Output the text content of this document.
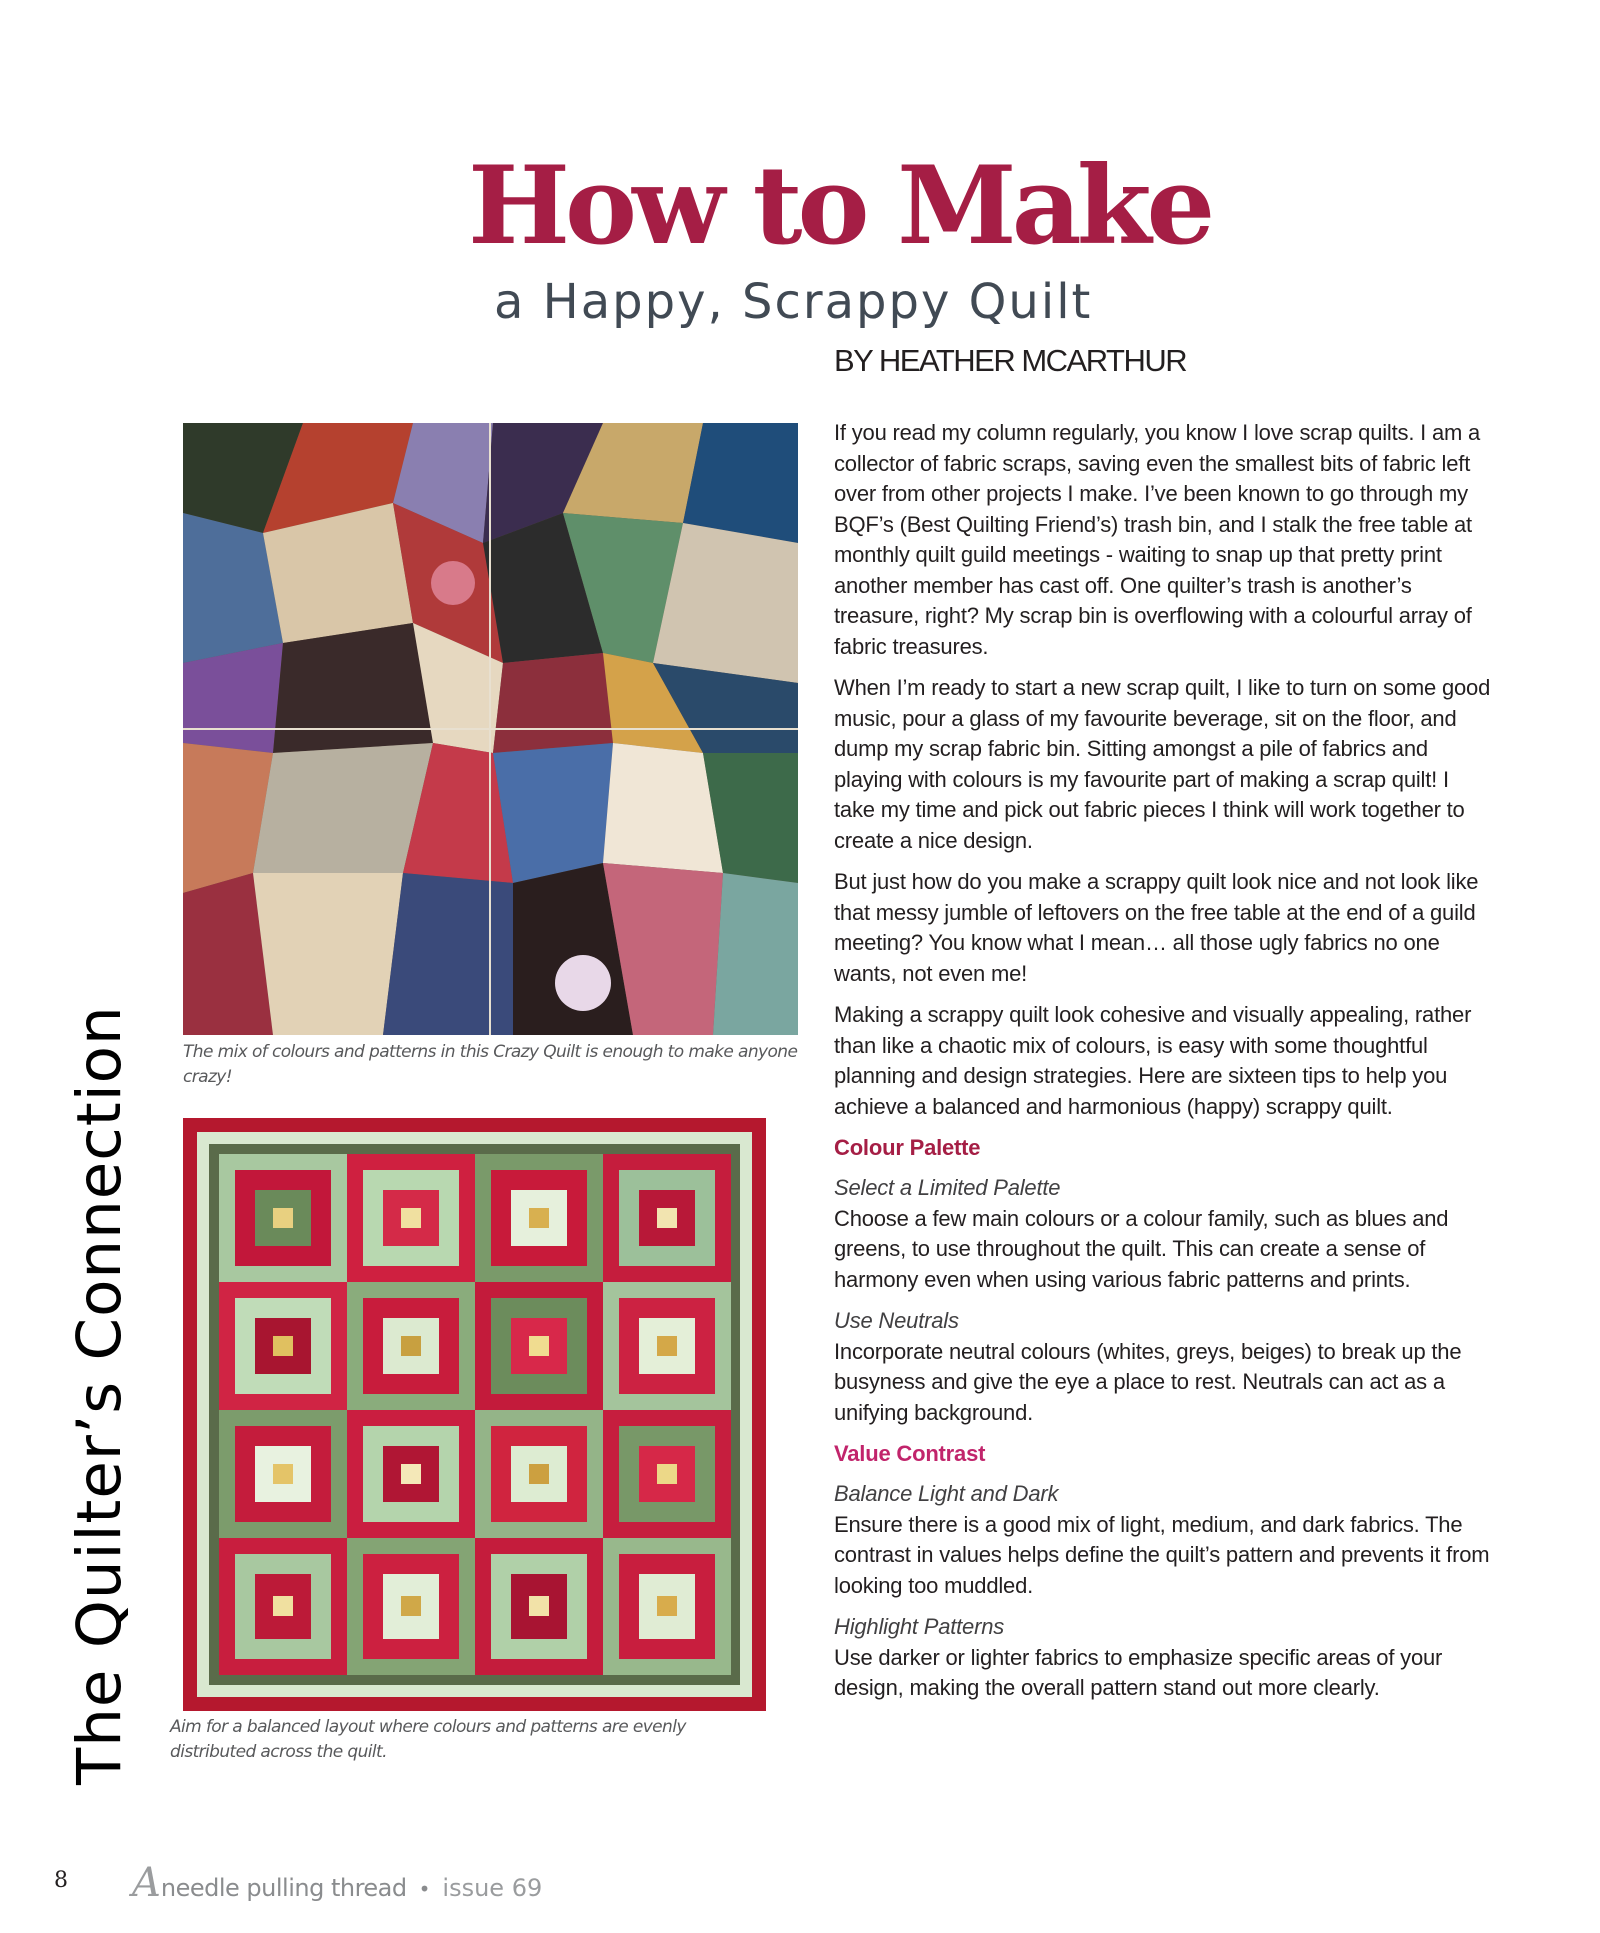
The Quilter’s Connection
How to Make
a Happy, Scrappy Quilt
BY HEATHER MCARTHUR
The mix of colours and patterns in this Crazy Quilt is enough to make anyone crazy!
Aim for a balanced layout where colours and patterns are evenly distributed across the quilt.

If you read my column regularly, you know I love scrap quilts. I am a collector of fabric scraps, saving even the smallest bits of fabric left over from other projects I make. I’ve been known to go through my BQF’s (Best Quilting Friend’s) trash bin, and I stalk the free table at monthly quilt guild meetings - waiting to snap up that pretty print another member has cast off. One quilter’s trash is another’s treasure, right? My scrap bin is overflowing with a colourful array of fabric treasures.

When I’m ready to start a new scrap quilt, I like to turn on some good music, pour a glass of my favourite beverage, sit on the floor, and dump my scrap fabric bin. Sitting amongst a pile of fabrics and playing with colours is my favourite part of making a scrap quilt! I take my time and pick out fabric pieces I think will work together to create a nice design.

But just how do you make a scrappy quilt look nice and not look like that messy jumble of leftovers on the free table at the end of a guild meeting? You know what I mean… all those ugly fabrics no one wants, not even me!

Making a scrappy quilt look cohesive and visually appealing, rather than like a chaotic mix of colours, is easy with some thoughtful planning and design strategies. Here are sixteen tips to help you achieve a balanced and harmonious (happy) scrappy quilt.

Colour Palette
Select a Limited Palette
Choose a few main colours or a colour family, such as blues and greens, to use throughout the quilt. This can create a sense of harmony even when using various fabric patterns and prints.
Use Neutrals
Incorporate neutral colours (whites, greys, beiges) to break up the busyness and give the eye a place to rest. Neutrals can act as a unifying background.
Value Contrast
Balance Light and Dark
Ensure there is a good mix of light, medium, and dark fabrics. The contrast in values helps define the quilt’s pattern and prevents it from looking too muddled.
Highlight Patterns
Use darker or lighter fabrics to emphasize specific areas of your design, making the overall pattern stand out more clearly.
8 Aneedle pulling thread • issue 69
